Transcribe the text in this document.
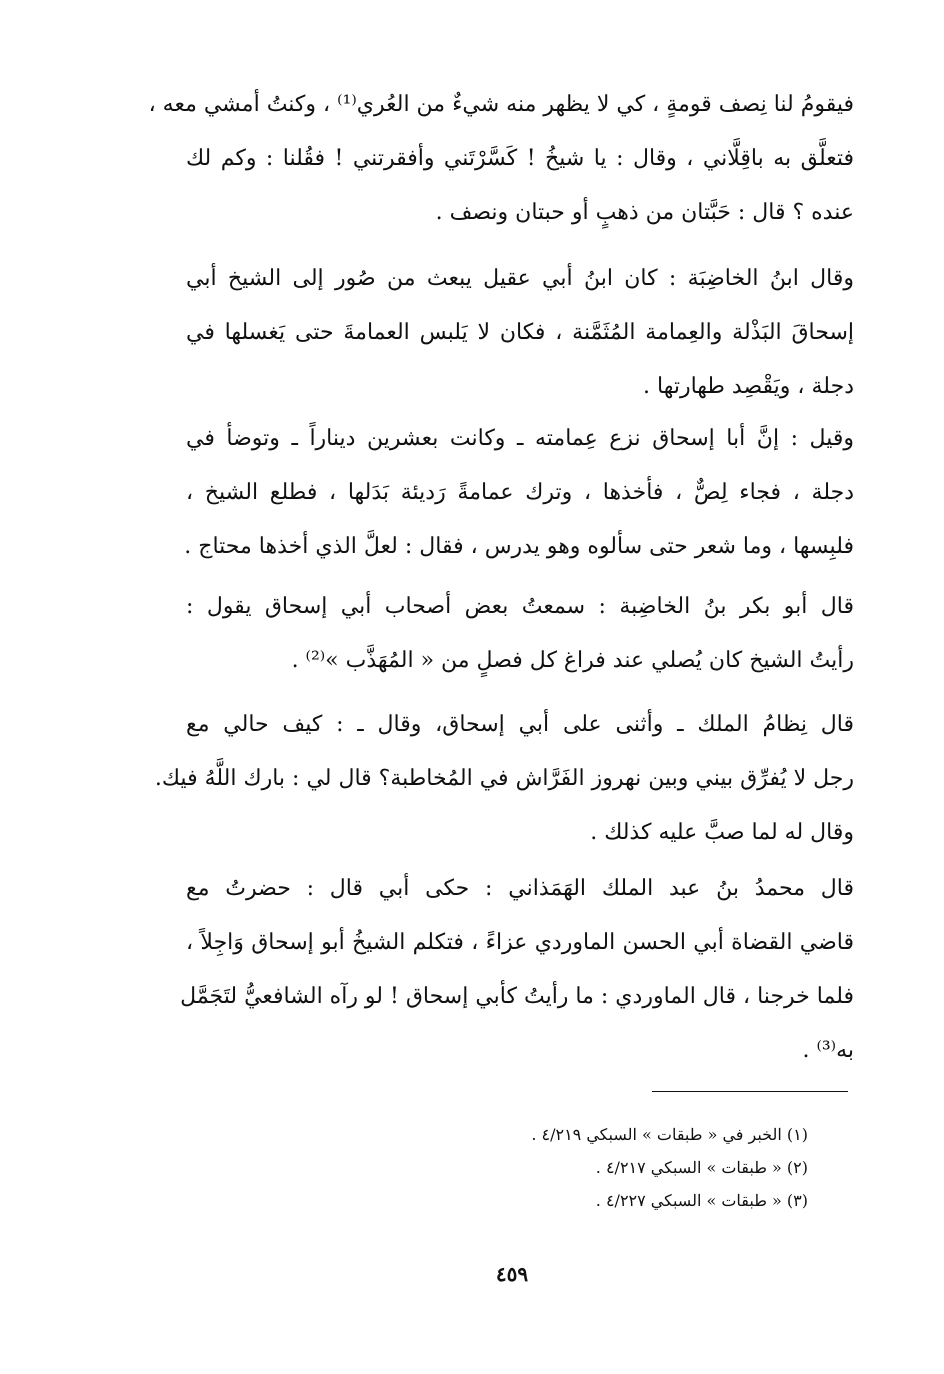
فيقومُ لنا نِصف قومةٍ ، كي لا يظهر منه شيءٌ من العُري⁽¹⁾ ، وكنتُ أمشي معه ،
فتعلَّق به باقِلَّاني ، وقال : يا شيخُ ! كَسَّرْتَني وأفقرتني ! فقُلنا : وكم لك
عنده ؟ قال : حَبَّتان من ذهبٍ أو حبتان ونصف .
وقال ابنُ الخاضِبَة : كان ابنُ أبي عقيل يبعث من صُور إلى الشيخ أبي
إسحاقَ البَذْلة والعِمامة المُثَمَّنة ، فكان لا يَلبس العمامةَ حتى يَغسلها في
دجلة ، ويَقْصِد طهارتها .
وقيل : إنَّ أبا إسحاق نزع عِمامته ـ وكانت بعشرين ديناراً ـ وتوضأ في
دجلة ، فجاء لِصٌّ ، فأخذها ، وترك عمامةً رَديئة بَدَلها ، فطلع الشيخ ،
فلبِسها ، وما شعر حتى سألوه وهو يدرس ، فقال : لعلَّ الذي أخذها محتاج .
قال أبو بكر بنُ الخاضِبة : سمعتُ بعض أصحاب أبي إسحاق يقول :
رأيتُ الشيخ كان يُصلي عند فراغ كل فصلٍ من « المُهَذَّب »⁽²⁾ .
قال نِظامُ الملك ـ وأثنى على أبي إسحاق، وقال ـ : كيف حالي مع
رجل لا يُفرِّق بيني وبين نهروز الفَرَّاش في المُخاطبة؟ قال لي : بارك اللَّهُ فيك.
وقال له لما صبَّ عليه كذلك .
قال محمدُ بنُ عبد الملك الهَمَذاني : حكى أبي قال : حضرتُ مع
قاضي القضاة أبي الحسن الماوردي عزاءً ، فتكلم الشيخُ أبو إسحاق وَاجِلاً ،
فلما خرجنا ، قال الماوردي : ما رأيتُ كأبي إسحاق ! لو رآه الشافعيُّ لتَجَمَّل
به⁽³⁾ .
(١) الخبر في « طبقات » السبكي ٤/٢١٩ .
(٢) « طبقات » السبكي ٤/٢١٧ .
(٣) « طبقات » السبكي ٤/٢٢٧ .
٤٥٩
